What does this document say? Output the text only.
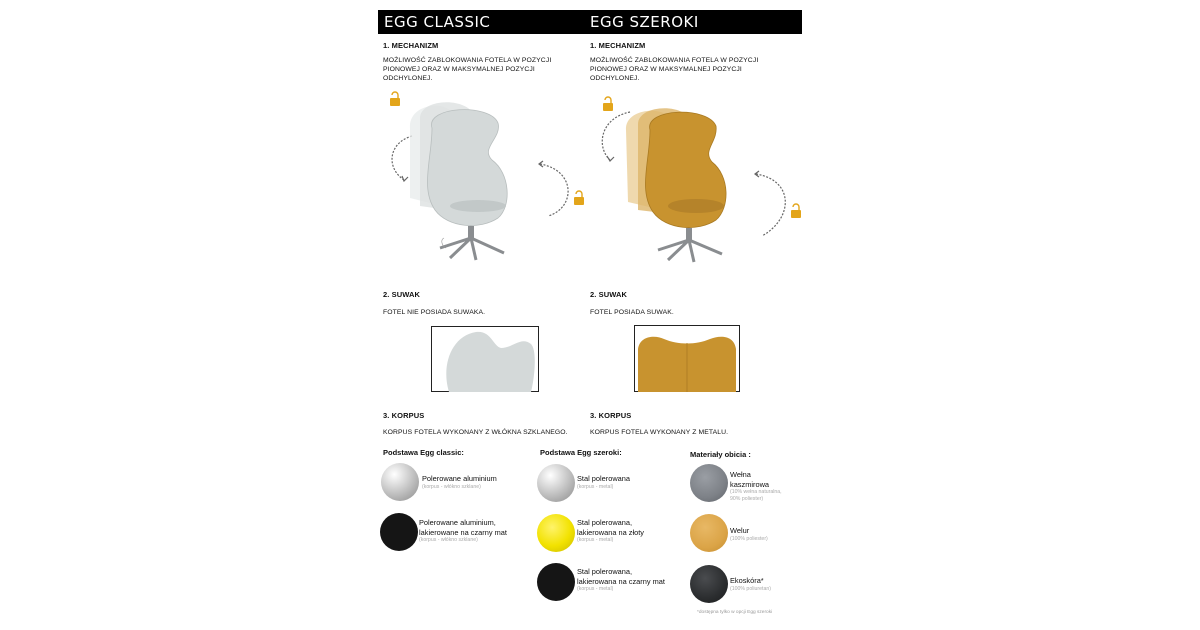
EGG CLASSIC	EGG SZEROKI
1. MECHANIZM
MOŻLIWOŚĆ ZABLOKOWANIA FOTELA W POZYCJI
PIONOWEJ ORAZ W MAKSYMALNEJ POZYCJI
ODCHYLONEJ.
2. SUWAK
FOTEL NIE POSIADA SUWAKA.
3. KORPUS
KORPUS FOTELA WYKONANY Z WŁÓKNA SZKLANEGO.
1. MECHANIZM
MOŻLIWOŚĆ ZABLOKOWANIA FOTELA W POZYCJI
PIONOWEJ ORAZ W MAKSYMALNEJ POZYCJI
ODCHYLONEJ.
2. SUWAK
FOTEL POSIADA SUWAK.
3. KORPUS
KORPUS FOTELA WYKONANY Z METALU.
Podstawa Egg classic:
Polerowane aluminium
(korpus - włókno szklane)
Polerowane aluminium,
lakierowane na czarny mat
(korpus - włókno szklane)
Podstawa Egg szeroki:
Stal polerowana
(korpus - metal)
Stal polerowana,
lakierowana na złoty
(korpus - metal)
Stal polerowana,
lakierowana na czarny mat
(korpus - metal)
Materiały obicia :
Wełna
kaszmirowa
(10% wełna naturalna,
90% poliester)
Welur
(100% poliester)
Ekoskóra*
(100% poliuretan)
*dostępna tylko w opcji Egg szeroki
